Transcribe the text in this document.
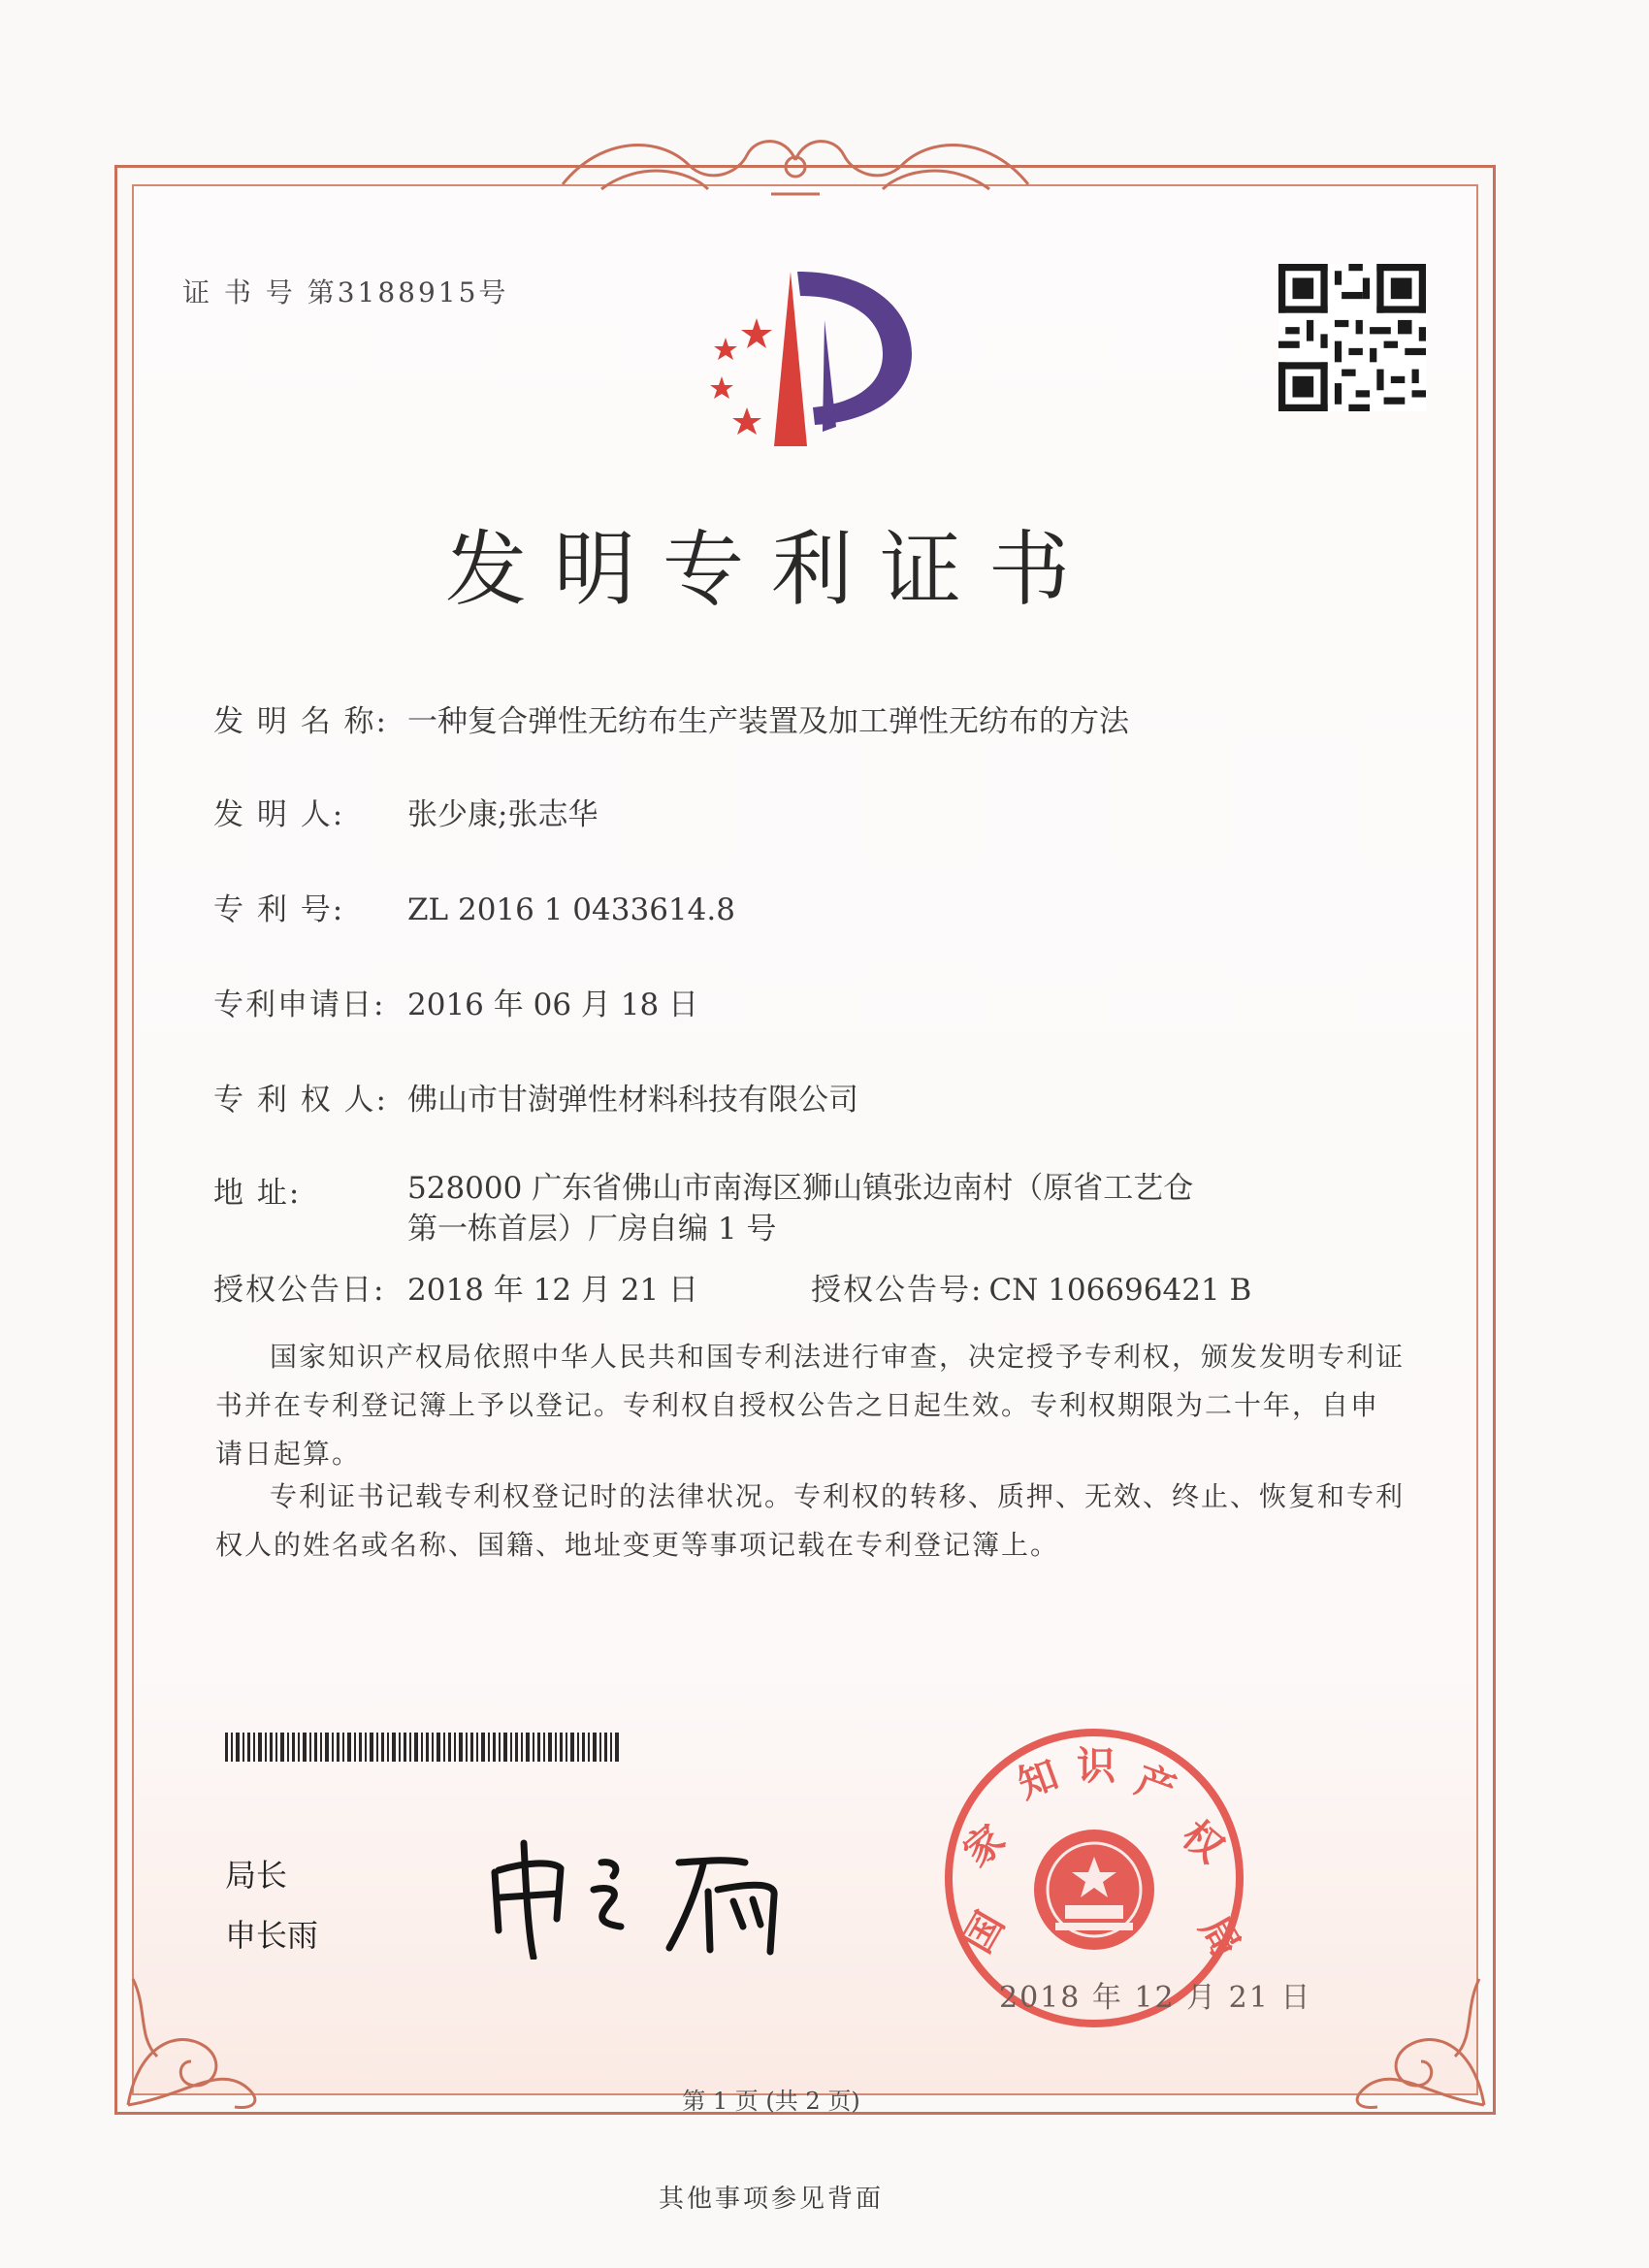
证 书 号 第3188915号
发明专利证书
发 明 名 称: 一种复合弹性无纺布生产装置及加工弹性无纺布的方法
发 明 人: 张少康;张志华
专 利 号: ZL 2016 1 0433614.8
专利申请日: 2016 年 06 月 18 日
专 利 权 人: 佛山市甘澍弹性材料科技有限公司
地 址:	528000 广东省佛山市南海区狮山镇张边南村（原省工艺仓第一栋首层）厂房自编 1 号
授权公告日: 2018 年 12 月 21 日	授权公告号: CN 106696421 B
国家知识产权局依照中华人民共和国专利法进行审查，决定授予专利权，颁发发明专利证书并在专利登记簿上予以登记。专利权自授权公告之日起生效。专利权期限为二十年，自申请日起算。
专利证书记载专利权登记时的法律状况。专利权的转移、质押、无效、终止、恢复和专利权人的姓名或名称、国籍、地址变更等事项记载在专利登记簿上。
局长
申长雨	国
家
知 识 产
权
局
2018 年 12 月 21 日
第 1 页 (共 2 页)
其他事项参见背面
